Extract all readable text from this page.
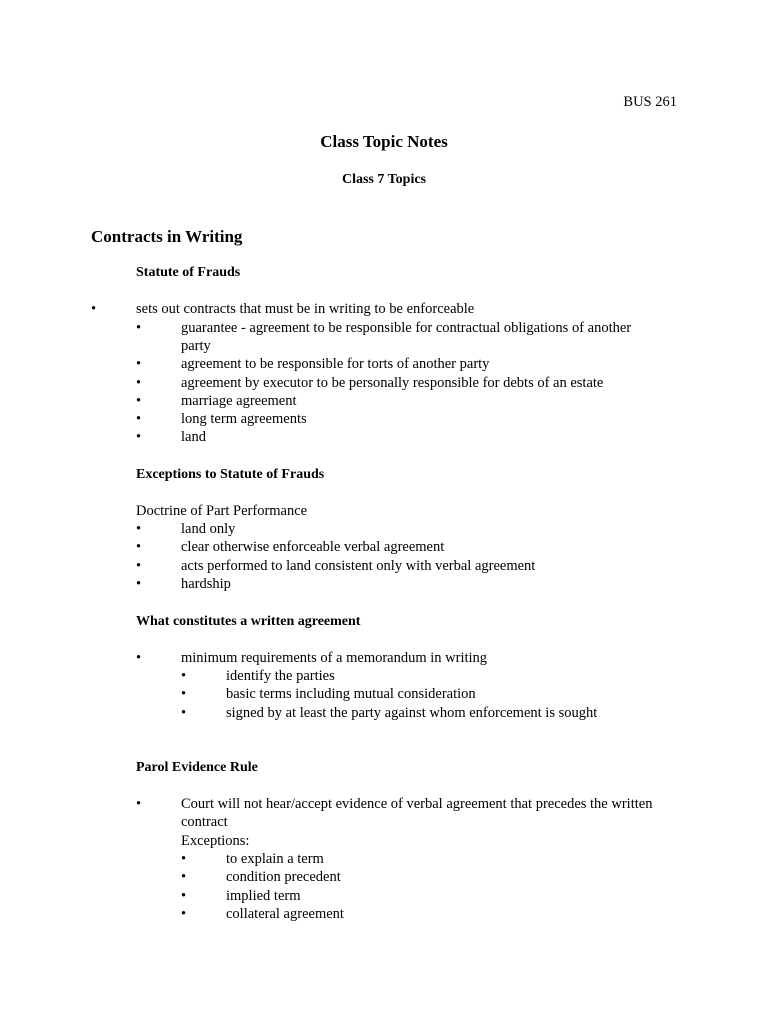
BUS 261
Class Topic Notes
Class 7 Topics
Contracts in Writing
Statute of Frauds
•	sets out contracts that must be in writing to be enforceable
•	guarantee - agreement to be responsible for contractual obligations of another
party
•	agreement to be responsible for torts of another party
•	agreement by executor to be personally responsible for debts of an estate
•	marriage agreement
•	long term agreements
•	land
Exceptions to Statute of Frauds
Doctrine of Part Performance
•	land only
•	clear otherwise enforceable verbal agreement
•	acts performed to land consistent only with verbal agreement
•	hardship
What constitutes a written agreement
•	minimum requirements of a memorandum in writing
•	identify the parties
•	basic terms including mutual consideration
•	signed by at least the party against whom enforcement is sought
Parol Evidence Rule
•	Court will not hear/accept evidence of verbal agreement that precedes the written
contract
Exceptions:
•	to explain a term
•	condition precedent
•	implied term
•	collateral agreement
